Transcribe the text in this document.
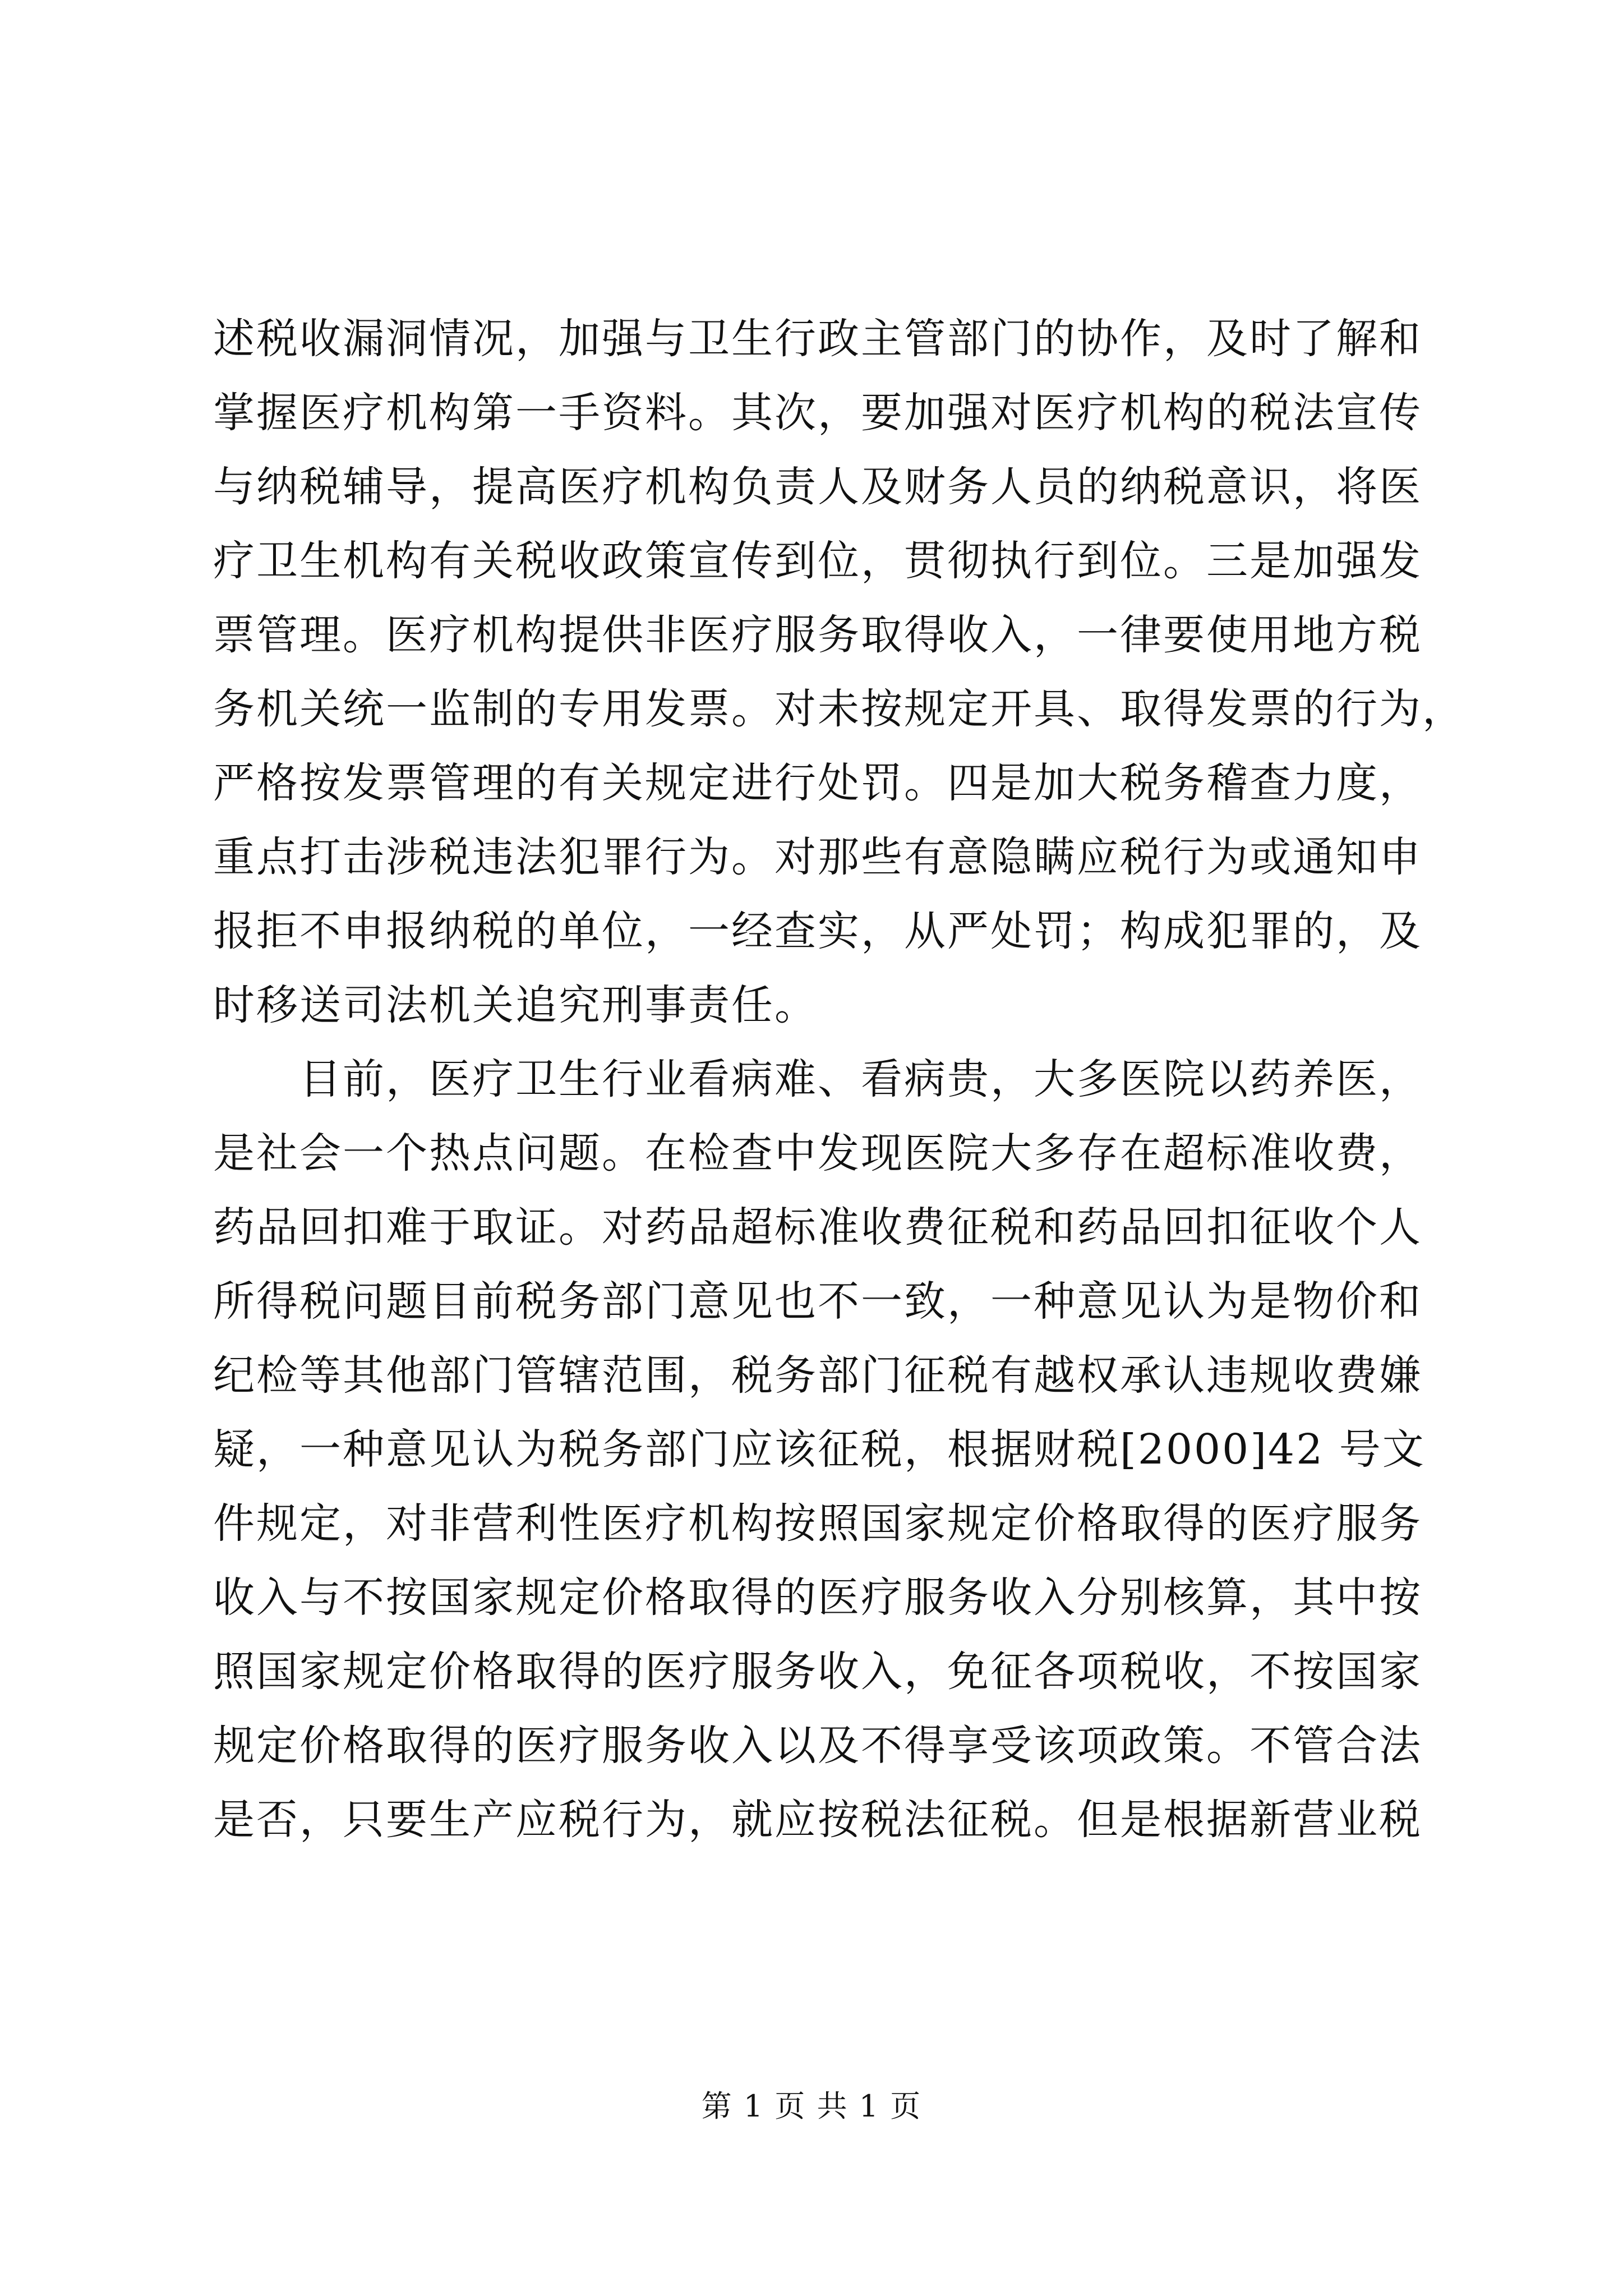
述税收漏洞情况，加强与卫生行政主管部门的协作，及时了解和
掌握医疗机构第一手资料。其次，要加强对医疗机构的税法宣传
与纳税辅导，提高医疗机构负责人及财务人员的纳税意识，将医
疗卫生机构有关税收政策宣传到位，贯彻执行到位。三是加强发
票管理。医疗机构提供非医疗服务取得收入，一律要使用地方税
务机关统一监制的专用发票。对未按规定开具、取得发票的行为，
严格按发票管理的有关规定进行处罚。四是加大税务稽查力度，
重点打击涉税违法犯罪行为。对那些有意隐瞒应税行为或通知申
报拒不申报纳税的单位，一经查实，从严处罚；构成犯罪的，及
时移送司法机关追究刑事责任。

目前，医疗卫生行业看病难、看病贵，大多医院以药养医，
是社会一个热点问题。在检查中发现医院大多存在超标准收费，
药品回扣难于取证。对药品超标准收费征税和药品回扣征收个人
所得税问题目前税务部门意见也不一致，一种意见认为是物价和
纪检等其他部门管辖范围，税务部门征税有越权承认违规收费嫌
疑，一种意见认为税务部门应该征税，根据财税[2000]42 号文
件规定，对非营利性医疗机构按照国家规定价格取得的医疗服务
收入与不按国家规定价格取得的医疗服务收入分别核算，其中按
照国家规定价格取得的医疗服务收入，免征各项税收，不按国家
规定价格取得的医疗服务收入以及不得享受该项政策。不管合法
是否，只要生产应税行为，就应按税法征税。但是根据新营业税

第 1 页 共 1 页
